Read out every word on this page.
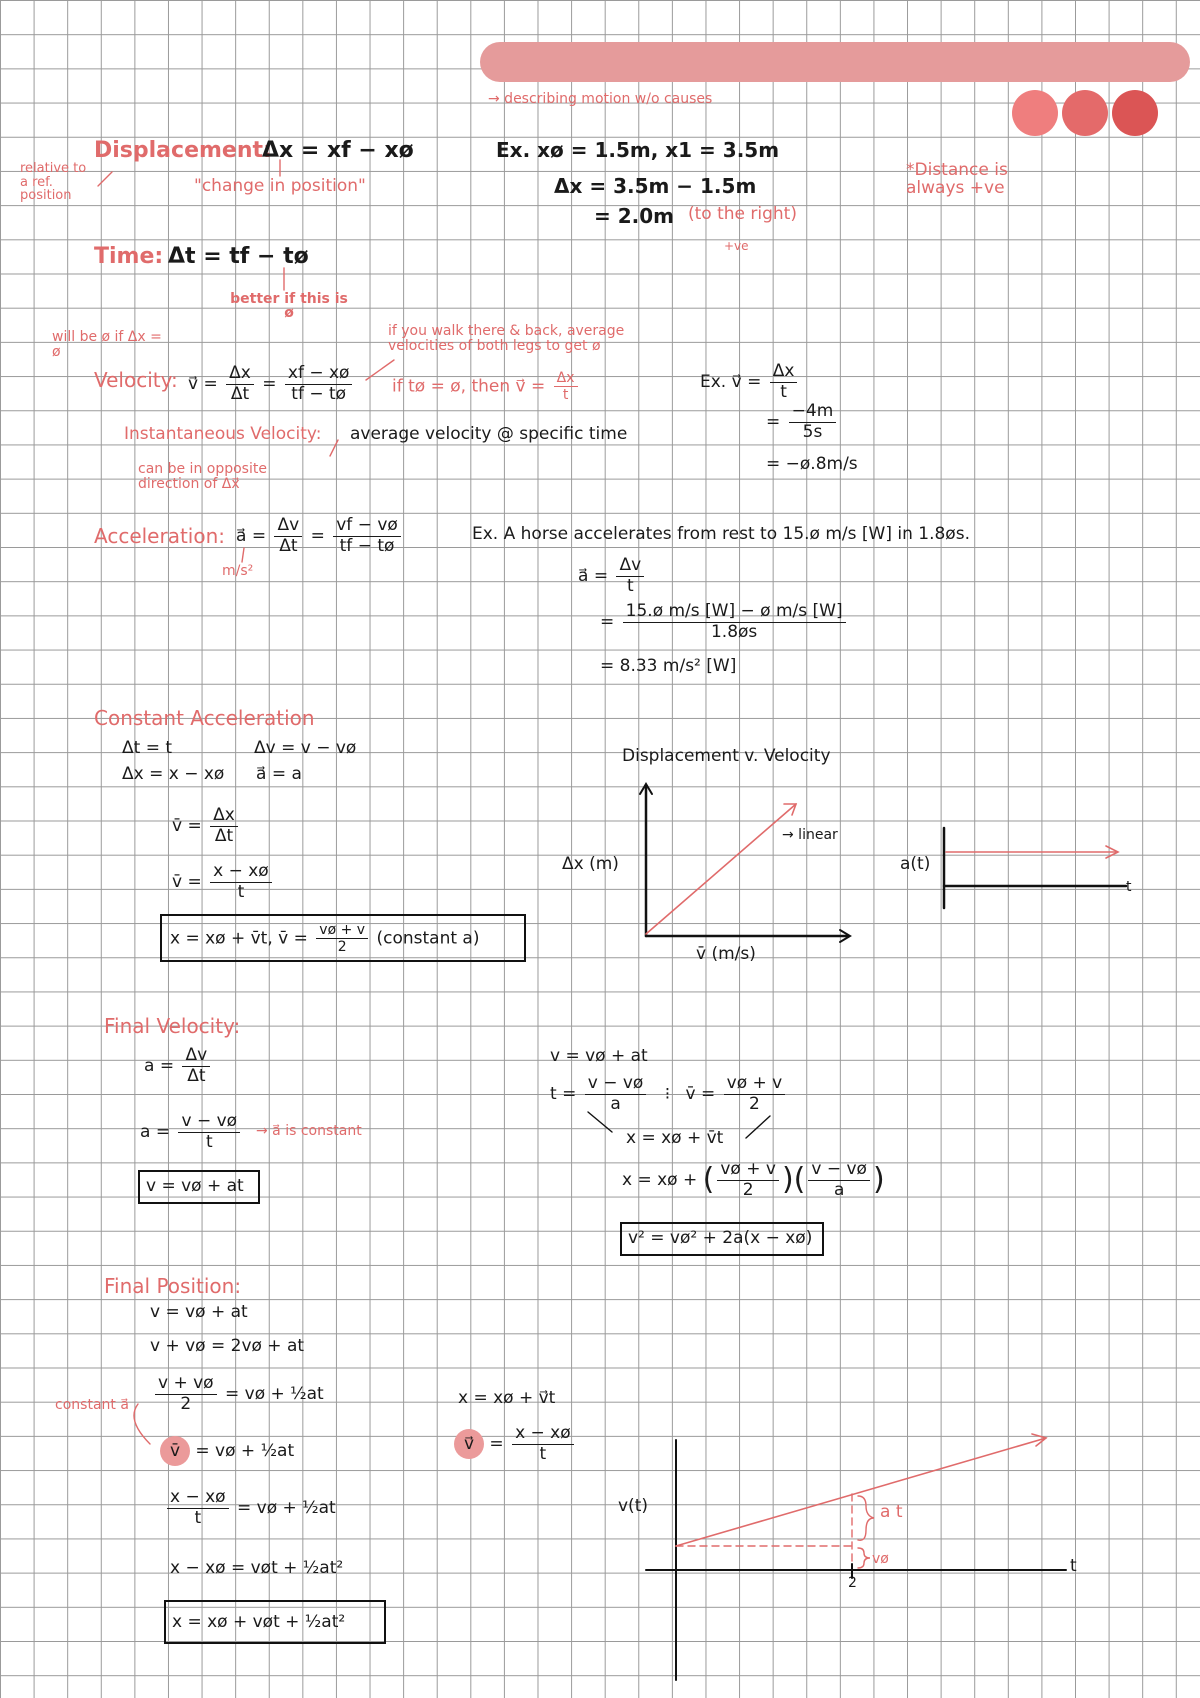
→ describing motion w/o causes
Displacement:
Δx = xf − xø
relative to a ref. position	"change in position"
Ex. xø = 1.5m, x1 = 3.5m
Δx = 3.5m − 1.5m
= 2.0m (to the right)
+ve
*Distance is always +ve
Time: Δt = tf − tø
better if this is ø
will be ø if Δx = ø
if you walk there & back, average velocities of both legs to get ø
Velocity: v⃗ = $\frac{\Delta x}{\Delta t} = \frac{xf - xø}{tf - tø}$ if tø = ø, then v⃗ = $\frac{\Delta x}{t}$
Instantaneous Velocity: average velocity @ specific time
can be in opposite direction of Δx⃗
Ex. v⃗ = $\frac{\Delta x}{t}$
= $\frac{-4m}{5s}$
= −ø.8m/s
Acceleration: a⃗ = $\frac{\Delta v}{\Delta t} = \frac{vf - vø}{tf - tø}$
m/s²
Ex. A horse accelerates from rest to 15.ø m/s [W] in 1.8øs.
a⃗ = $\frac{\Delta v}{t}$
= $\frac{\text{15.ø m/s [W] − ø m/s [W]}}{1.8øs}$
= 8.33 m/s² [W]
Constant Acceleration
Δt = t	Δv = v − vø
Δx = x − xø a⃗ = a
v̄ = $\frac{\Delta x}{\Delta t}$
v̄ = $\frac{x - xø}{t}$
x = xø + v̄t, v̄ = $\frac{vø + v}{2}$ (constant a)
Displacement v. Velocity
Δx (m)
v̄ (m/s)
→ linear
a(t)
t
Final Velocity:
$a = \frac{\Delta v}{\Delta t}$
$a = \frac{v - vø}{t}$ → a⃗ is constant
v = vø + at
v = vø + at
$t = \frac{v - vø}{a}$ ⁝ v̄ = $\frac{vø + v}{2}$
x = xø + v̄t
x = xø + ( $\frac{vø + v}{2}$ )( $\frac{v - vø}{a}$ )
v² = vø² + 2a(x − xø)
Final Position:
v = vø + at
v + vø = 2vø + at
$\frac{v + vø}{2}$ = vø + ½at
constant a⃗
v̄ = vø + ½at
$\frac{x - xø}{t}$ = vø + ½at
x − xø = vøt + ½at²
x = xø + vøt + ½at²
x = xø + v⃗t
v⃗ = $\frac{x - xø}{t}$
v(t)
t
2
a t
vø
